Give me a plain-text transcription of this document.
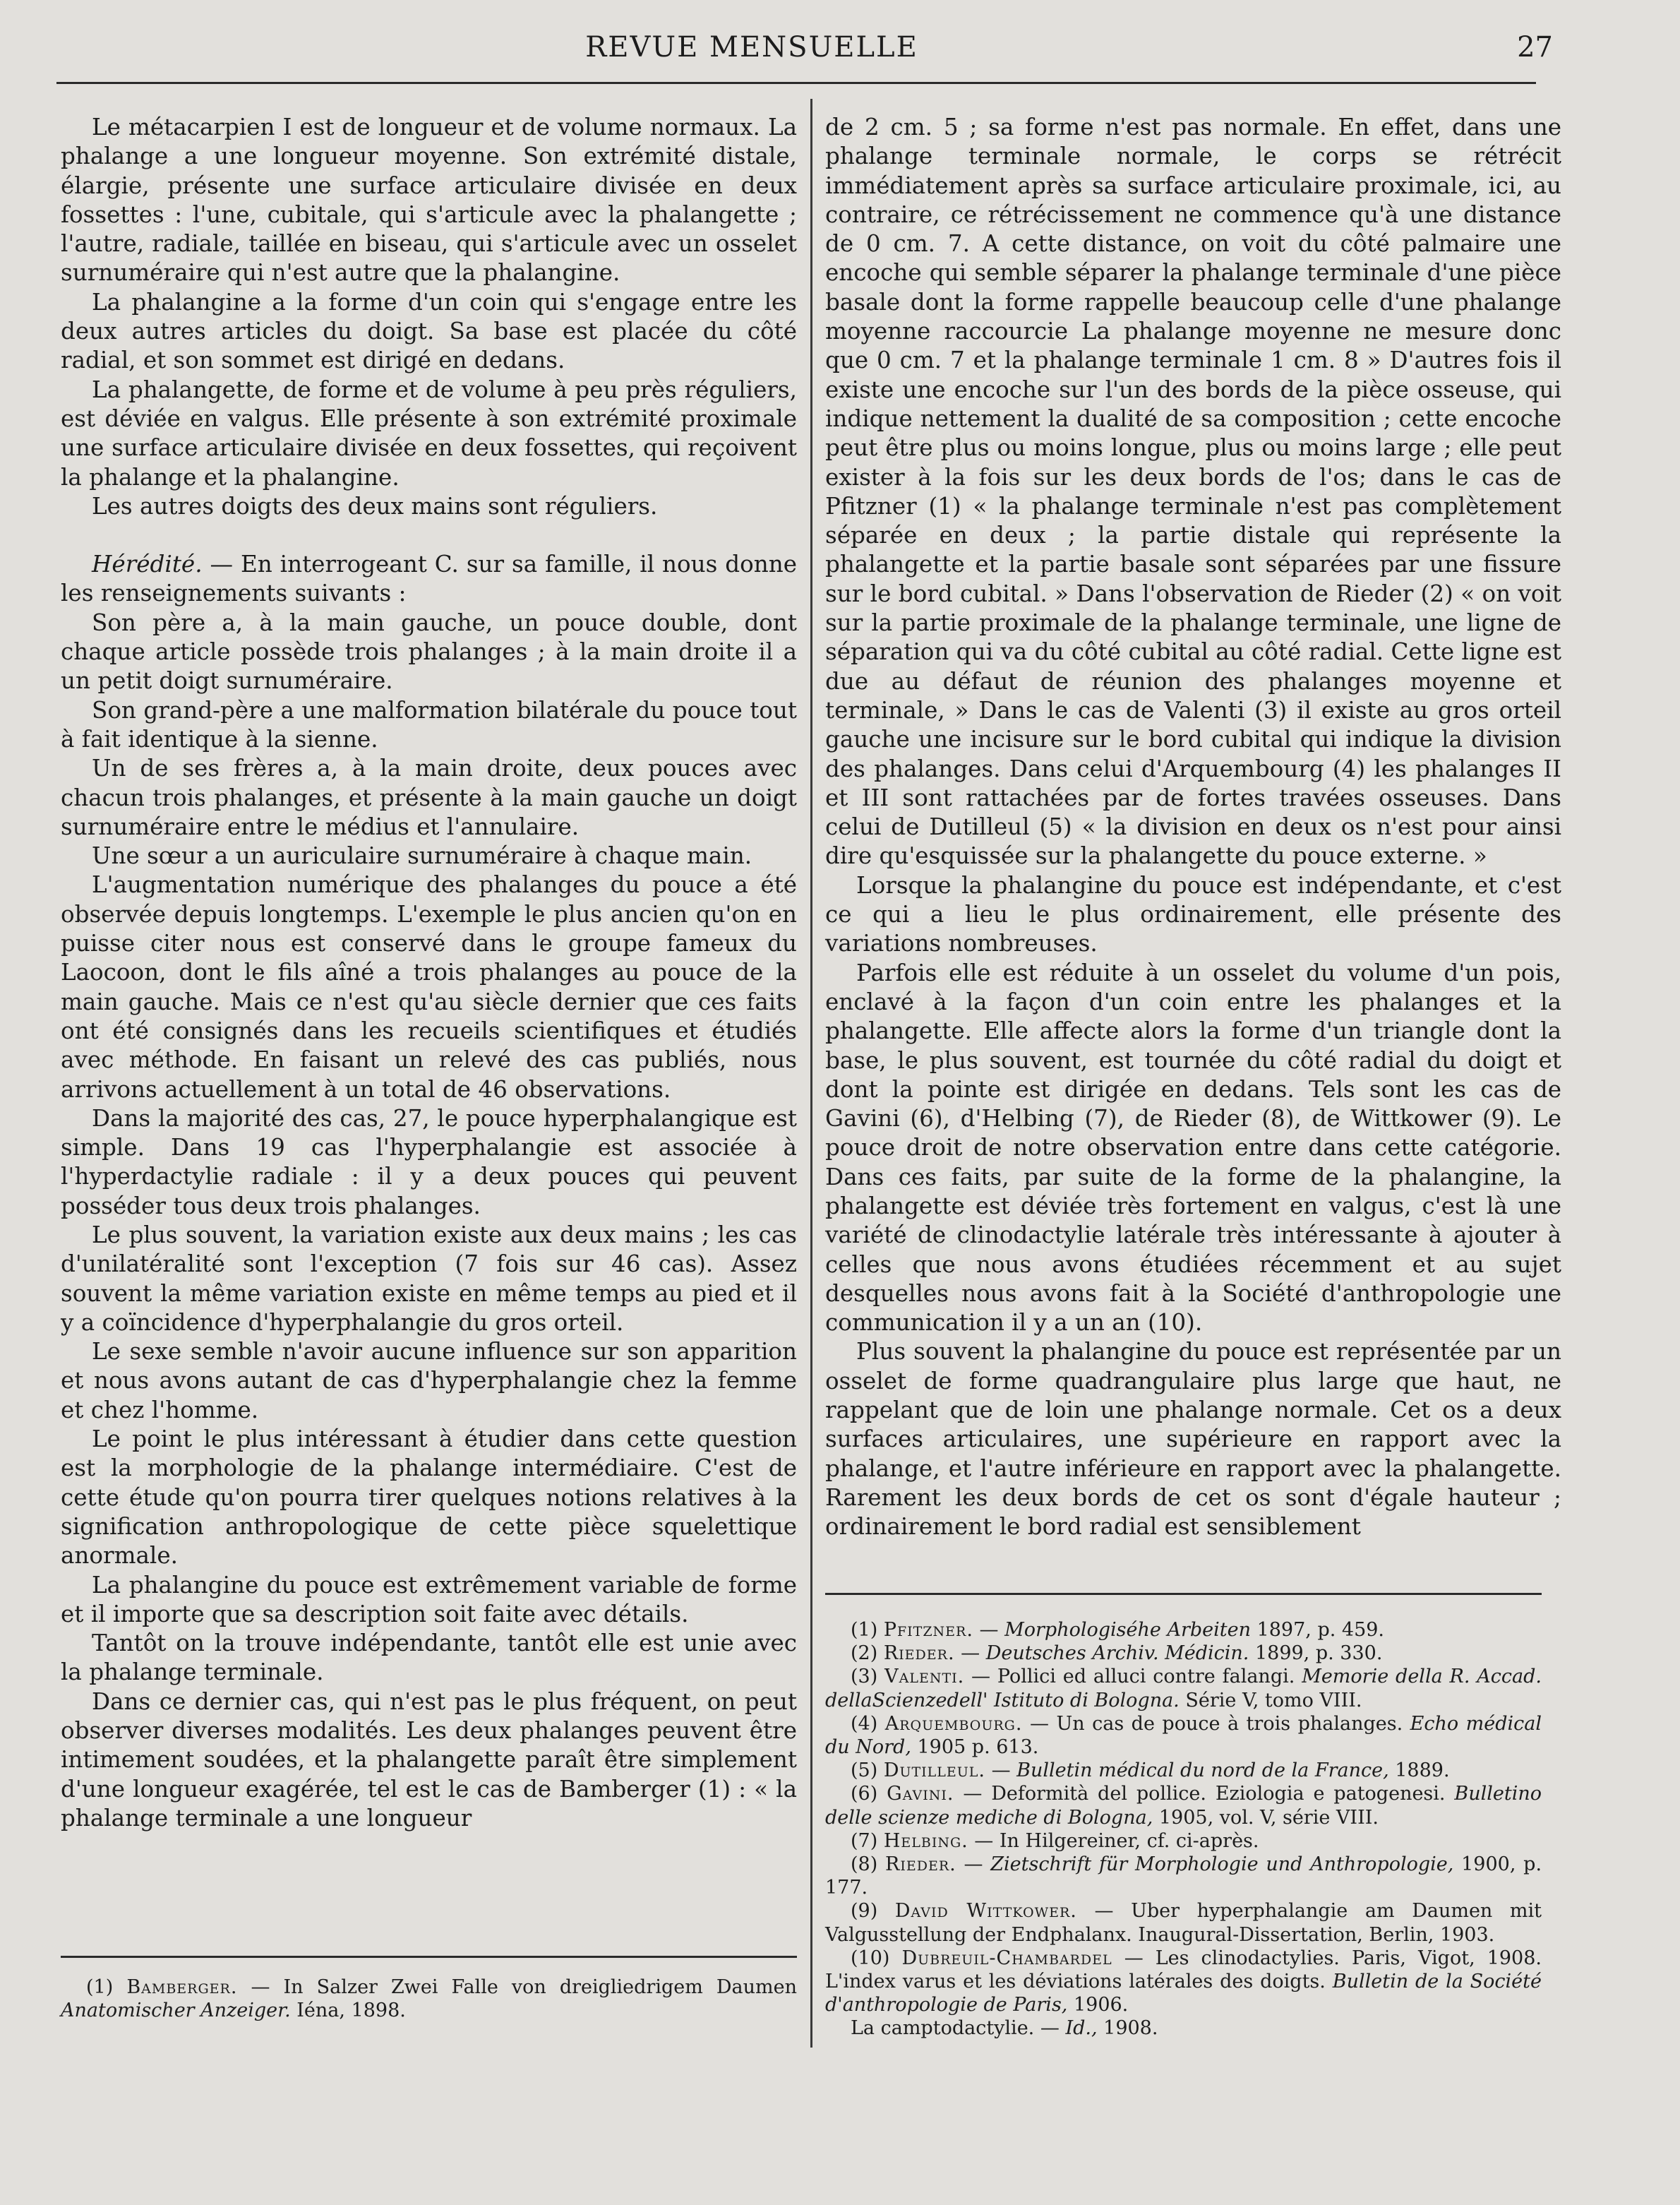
REVUE MENSUELLE	27

Le métacarpien I est de longueur et de volume normaux. La phalange a une longueur moyenne. Son extrémité distale, élargie, présente une surface articulaire divisée en deux fossettes : l'une, cubitale, qui s'articule avec la phalangette ; l'autre, radiale, taillée en biseau, qui s'articule avec un osselet surnuméraire qui n'est autre que la phalangine.

La phalangine a la forme d'un coin qui s'engage entre les deux autres articles du doigt. Sa base est placée du côté radial, et son sommet est dirigé en dedans.

La phalangette, de forme et de volume à peu près réguliers, est déviée en valgus. Elle présente à son extrémité proximale une surface articulaire divisée en deux fossettes, qui reçoivent la phalange et la phalangine.

Les autres doigts des deux mains sont réguliers.

Hérédité. — En interrogeant C. sur sa famille, il nous donne les renseignements suivants :

Son père a, à la main gauche, un pouce double, dont chaque article possède trois phalanges ; à la main droite il a un petit doigt surnuméraire.

Son grand-père a une malformation bilatérale du pouce tout à fait identique à la sienne.

Un de ses frères a, à la main droite, deux pouces avec chacun trois phalanges, et présente à la main gauche un doigt surnuméraire entre le médius et l'annulaire.

Une sœur a un auriculaire surnuméraire à chaque main.

L'augmentation numérique des phalanges du pouce a été observée depuis longtemps. L'exemple le plus ancien qu'on en puisse citer nous est conservé dans le groupe fameux du Laocoon, dont le fils aîné a trois phalanges au pouce de la main gauche. Mais ce n'est qu'au siècle dernier que ces faits ont été consignés dans les recueils scientifiques et étudiés avec méthode. En faisant un relevé des cas publiés, nous arrivons actuellement à un total de 46 observations.

Dans la majorité des cas, 27, le pouce hyperphalangique est simple. Dans 19 cas l'hyperphalangie est associée à l'hyperdactylie radiale : il y a deux pouces qui peuvent posséder tous deux trois phalanges.

Le plus souvent, la variation existe aux deux mains ; les cas d'unilatéralité sont l'exception (7 fois sur 46 cas). Assez souvent la même variation existe en même temps au pied et il y a coïncidence d'hyperphalangie du gros orteil.

Le sexe semble n'avoir aucune influence sur son apparition et nous avons autant de cas d'hyperphalangie chez la femme et chez l'homme.

Le point le plus intéressant à étudier dans cette question est la morphologie de la phalange intermédiaire. C'est de cette étude qu'on pourra tirer quelques notions relatives à la signification anthropologique de cette pièce squelettique anormale.

La phalangine du pouce est extrêmement variable de forme et il importe que sa description soit faite avec détails.

Tantôt on la trouve indépendante, tantôt elle est unie avec la phalange terminale.

Dans ce dernier cas, qui n'est pas le plus fréquent, on peut observer diverses modalités. Les deux phalanges peuvent être intimement soudées, et la phalangette paraît être simplement d'une longueur exagérée, tel est le cas de Bamberger (1) : « la phalange terminale a une longueur

(1) Bamberger. — In Salzer Zwei Falle von dreigliedrigem Daumen Anatomischer Anzeiger. Iéna, 1898.

de 2 cm. 5 ; sa forme n'est pas normale. En effet, dans une phalange terminale normale, le corps se rétrécit immédiatement après sa surface articulaire proximale, ici, au contraire, ce rétrécissement ne commence qu'à une distance de 0 cm. 7. A cette distance, on voit du côté palmaire une encoche qui semble séparer la phalange terminale d'une pièce basale dont la forme rappelle beaucoup celle d'une phalange moyenne raccourcie La phalange moyenne ne mesure donc que 0 cm. 7 et la phalange terminale 1 cm. 8 » D'autres fois il existe une encoche sur l'un des bords de la pièce osseuse, qui indique nettement la dualité de sa composition ; cette encoche peut être plus ou moins longue, plus ou moins large ; elle peut exister à la fois sur les deux bords de l'os; dans le cas de Pfitzner (1) « la phalange terminale n'est pas complètement séparée en deux ; la partie distale qui représente la phalangette et la partie basale sont séparées par une fissure sur le bord cubital. » Dans l'observation de Rieder (2) « on voit sur la partie proximale de la phalange terminale, une ligne de séparation qui va du côté cubital au côté radial. Cette ligne est due au défaut de réunion des phalanges moyenne et terminale, » Dans le cas de Valenti (3) il existe au gros orteil gauche une incisure sur le bord cubital qui indique la division des phalanges. Dans celui d'Arquembourg (4) les phalanges II et III sont rattachées par de fortes travées osseuses. Dans celui de Dutilleul (5) « la division en deux os n'est pour ainsi dire qu'esquissée sur la phalangette du pouce externe. »

Lorsque la phalangine du pouce est indépendante, et c'est ce qui a lieu le plus ordinairement, elle présente des variations nombreuses.

Parfois elle est réduite à un osselet du volume d'un pois, enclavé à la façon d'un coin entre les phalanges et la phalangette. Elle affecte alors la forme d'un triangle dont la base, le plus souvent, est tournée du côté radial du doigt et dont la pointe est dirigée en dedans. Tels sont les cas de Gavini (6), d'Helbing (7), de Rieder (8), de Wittkower (9). Le pouce droit de notre observation entre dans cette catégorie. Dans ces faits, par suite de la forme de la phalangine, la phalangette est déviée très fortement en valgus, c'est là une variété de clinodactylie latérale très intéressante à ajouter à celles que nous avons étudiées récemment et au sujet desquelles nous avons fait à la Société d'anthropologie une communication il y a un an (10).

Plus souvent la phalangine du pouce est représentée par un osselet de forme quadrangulaire plus large que haut, ne rappelant que de loin une phalange normale. Cet os a deux surfaces articulaires, une supérieure en rapport avec la phalange, et l'autre inférieure en rapport avec la phalangette. Rarement les deux bords de cet os sont d'égale hauteur ; ordinairement le bord radial est sensiblement

(1) Pfitzner. — Morphologiséhe Arbeiten 1897, p. 459.

(2) Rieder. — Deutsches Archiv. Médicin. 1899, p. 330.

(3) Valenti. — Pollici ed alluci contre falangi. Memorie della R. Accad. dellaScienzedell' Istituto di Bologna. Série V, tomo VIII.

(4) Arquembourg. — Un cas de pouce à trois phalanges. Echo médical du Nord, 1905 p. 613.

(5) Dutilleul. — Bulletin médical du nord de la France, 1889.

(6) Gavini. — Deformità del pollice. Eziologia e patogenesi. Bulletino delle scienze mediche di Bologna, 1905, vol. V, série VIII.

(7) Helbing. — In Hilgereiner, cf. ci-après.

(8) Rieder. — Zietschrift für Morphologie und Anthropologie, 1900, p. 177.

(9) David Wittkower. — Uber hyperphalangie am Daumen mit Valgusstellung der Endphalanx. Inaugural-Dissertation, Berlin, 1903.

(10) Dubreuil-Chambardel — Les clinodactylies. Paris, Vigot, 1908. L'index varus et les déviations latérales des doigts. Bulletin de la Société d'anthropologie de Paris, 1906.

La camptodactylie. — Id., 1908.
